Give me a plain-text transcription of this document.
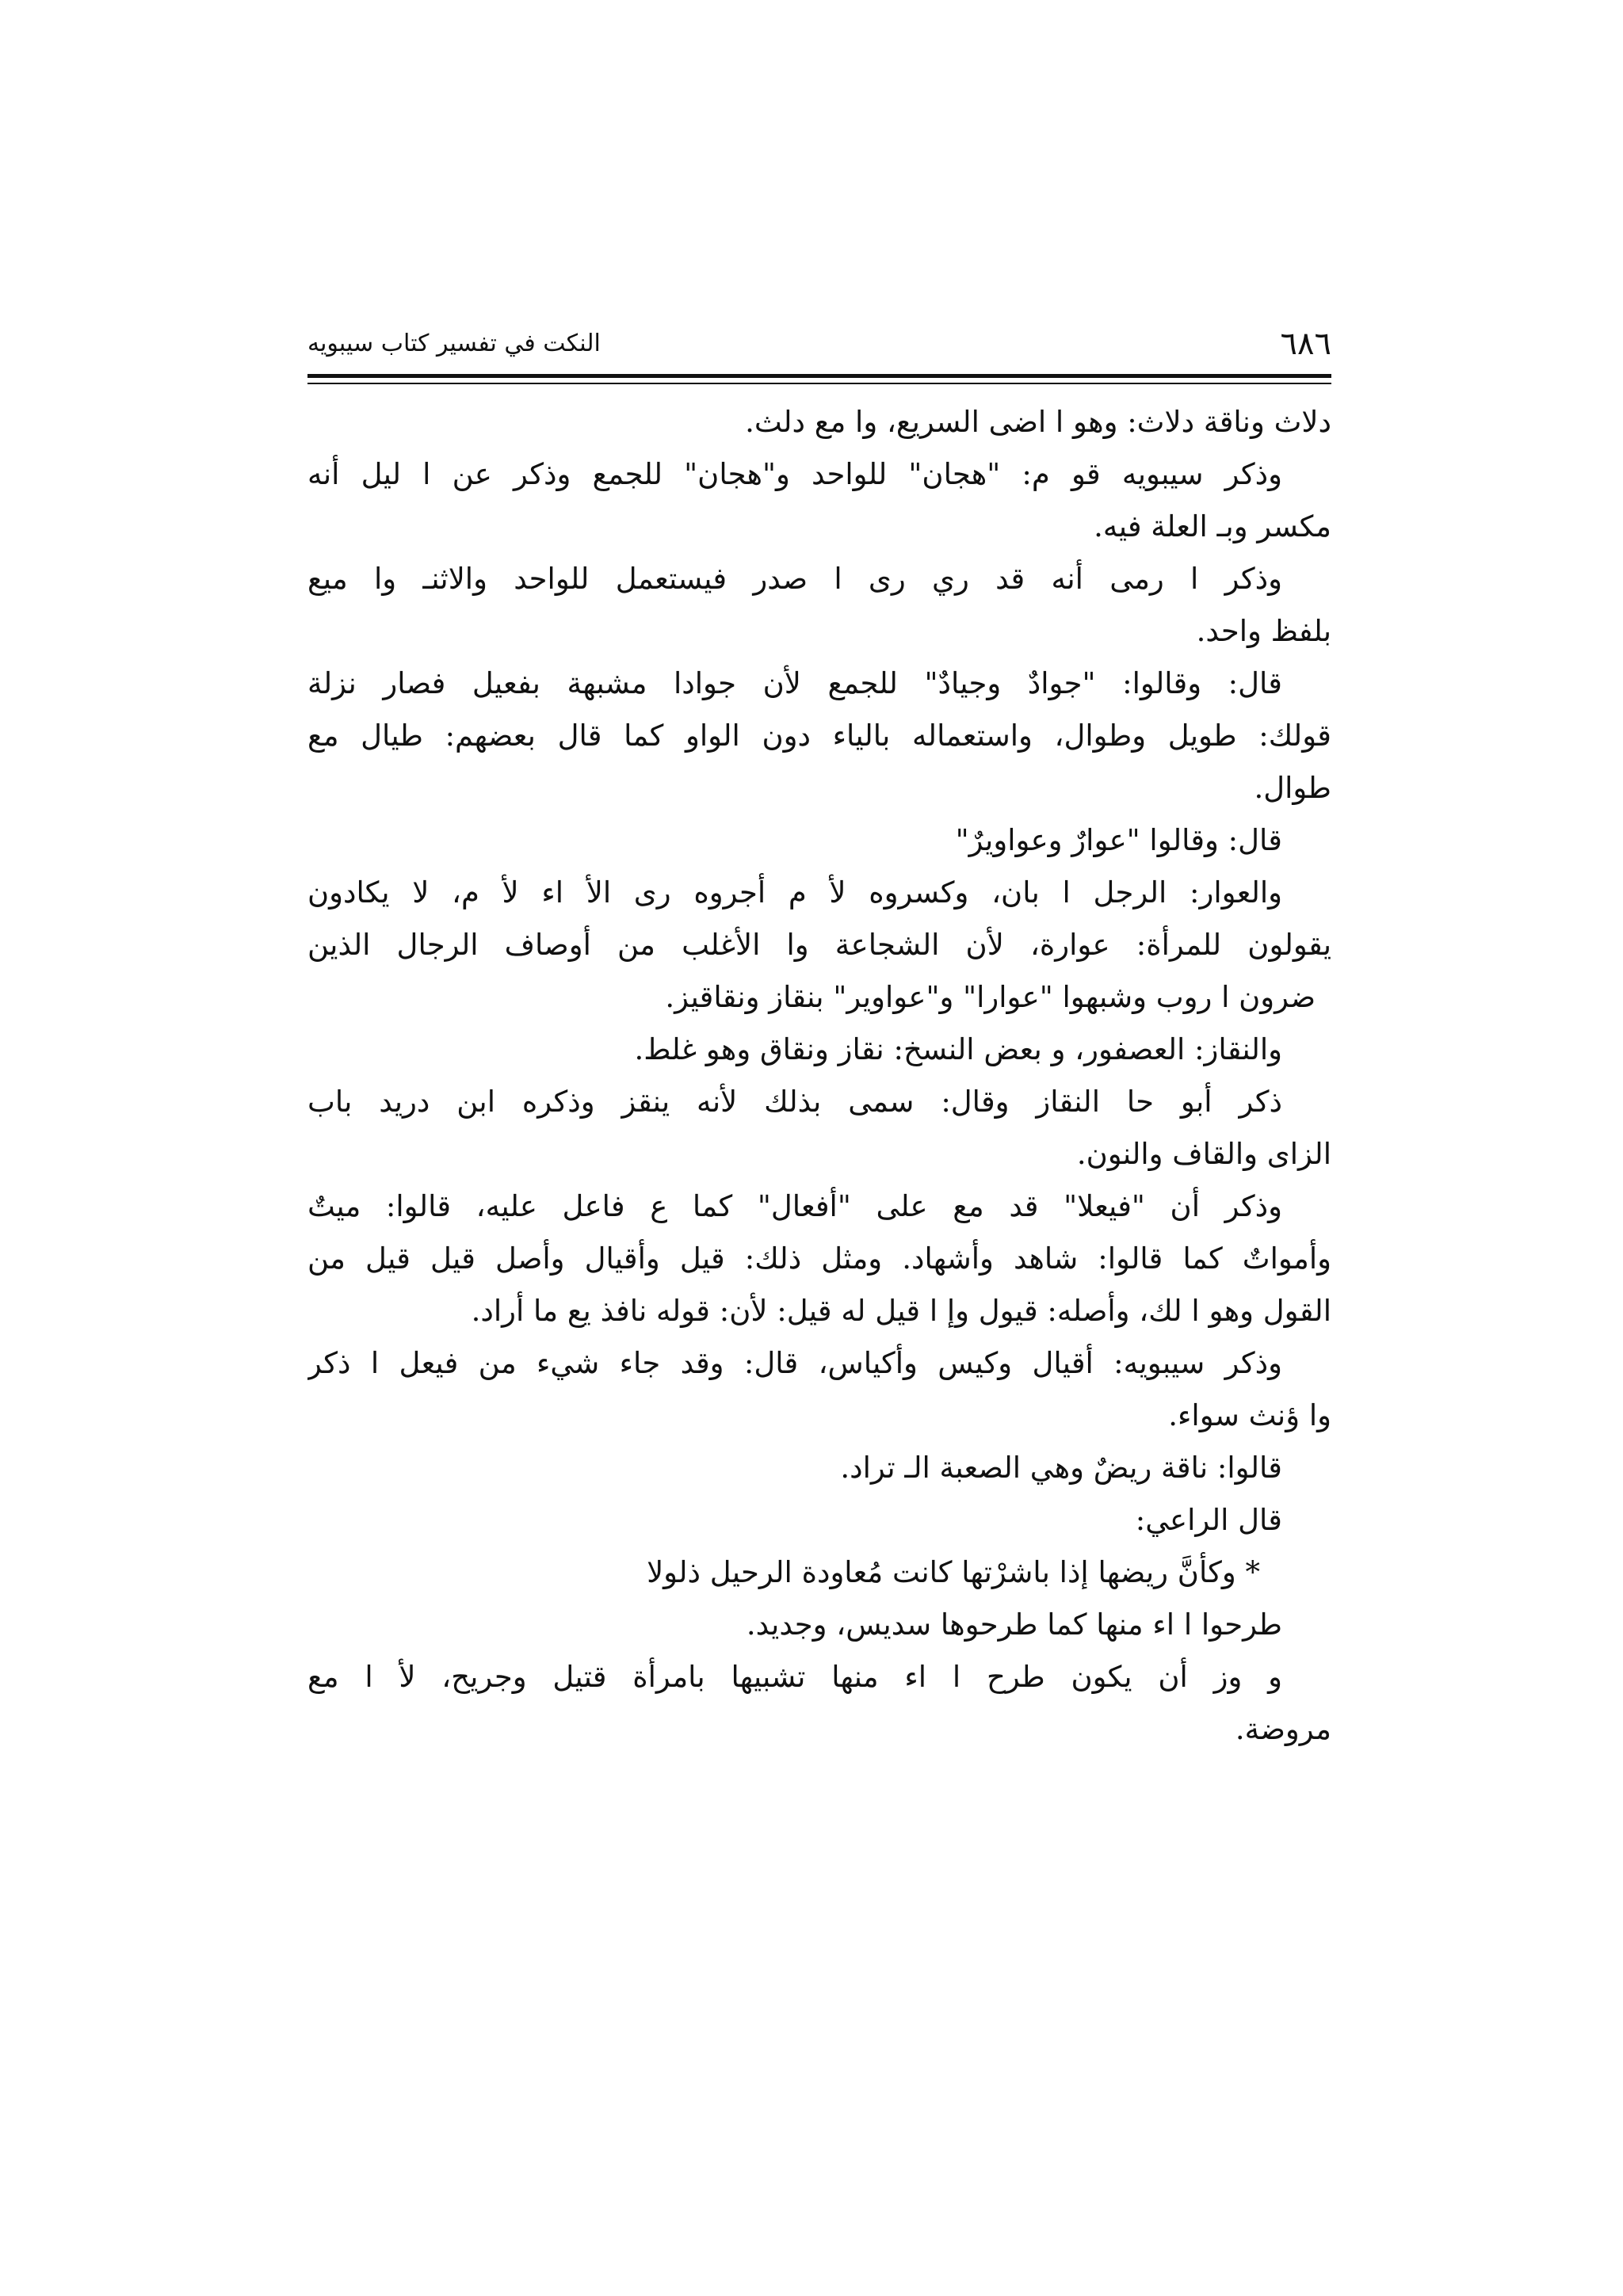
٦٨٦
النكت في تفسير كتاب سيبويه
دلاث وناقة دلاث: وهو ا اضى السريع، وا مع دلث.
وذكر سيبويه قو م: "هجان" للواحد و"هجان" للجمع وذكر عن ا ليل أنه
مكسر وبـ العلة فيه.
وذكر ا رمى أنه قد ري رى ا صدر فيستعمل للواحد والاثنـ وا ميع
بلفظ واحد.
قال: وقالوا: "جوادٌ وجيادٌ" للجمع لأن جوادا مشبهة بفعيل فصار نزلة
قولك: طويل وطوال، واستعماله بالياء دون الواو كما قال بعضهم: طيال مع
طوال.
قال: وقالوا "عوارٌ وعواويرٌ"
والعوار: الرجل ا بان، وكسروه لأ م أجروه رى الأ اء لأ م، لا يكادون
يقولون للمرأة: عوارة، لأن الشجاعة وا الأغلب من أوصاف الرجال الذين
ضرون ا روب وشبهوا "عوارا" و"عواوير" بنقاز ونقاقيز.
والنقاز: العصفور، و بعض النسخ: نقاز ونقاق وهو غلط.
ذكر أبو حا النقاز وقال: سمى بذلك لأنه ينقز وذكره ابن دريد باب
الزاى والقاف والنون.
وذكر أن "فيعلا" قد مع على "أفعال" كما ع فاعل عليه، قالوا: ميتٌ
وأمواتٌ كما قالوا: شاهد وأشهاد. ومثل ذلك: قيل وأقيال وأصل قيل قيل من
القول وهو ا لك، وأصله: قيول وإ ا قيل له قيل: لأن: قوله نافذ يع ما أراد.
وذكر سيبويه: أقيال وكيس وأكياس، قال: وقد جاء شيء من فيعل ا ذكر
وا ؤنث سواء.
قالوا: ناقة ريضٌ وهي الصعبة الـ تراد.
قال الراعي:
* وكأنَّ ريضها إذا باشرْتها كانت مُعاودة الرحيل ذلولا
طرحوا ا اء منها كما طرحوها سديس، وجديد.
و وز أن يكون طرح ا اء منها تشبيها بامرأة قتيل وجريح، لأ ا مع
مروضة.
